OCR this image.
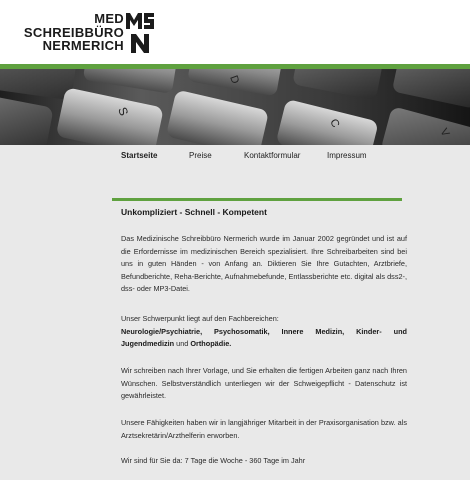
MED
SCHREIBBÜRO
NERMERICH
S
D
C
V
Startseite	Preise	Kontaktformular	Impressum
Unkompliziert - Schnell - Kompetent

Das Medizinische Schreibbüro Nermerich wurde im Januar 2002 gegründet und ist auf die Erfordernisse im medizinischen Bereich spezialisiert. Ihre Schreibarbeiten sind bei uns in guten Händen - von Anfang an. Diktieren Sie Ihre Gutachten, Arztbriefe, Befundberichte, Reha-Berichte, Aufnahmebefunde, Entlassberichte etc. digital als dss2-, dss- oder MP3-Datei.

Unser Schwerpunkt liegt auf den Fachbereichen:
Neurologie/Psychiatrie, Psychosomatik, Innere Medizin, Kinder- und Jugendmedizin und Orthopädie.

Wir schreiben nach Ihrer Vorlage, und Sie erhalten die fertigen Arbeiten ganz nach Ihren Wünschen. Selbstverständlich unterliegen wir der Schweigepflicht - Datenschutz ist gewährleistet.

Unsere Fähigkeiten haben wir in langjähriger Mitarbeit in der Praxisorganisation bzw. als Arztsekretärin/Arzthelferin erworben.

Wir sind für Sie da: 7 Tage die Woche - 360 Tage im Jahr
